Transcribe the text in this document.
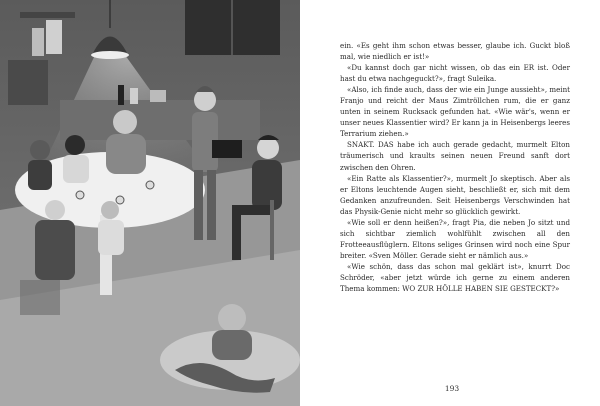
ein. «Es geht ihm schon etwas besser, glaube ich. Guckt bloß mal, wie niedlich er ist!»

«Du kannst doch gar nicht wissen, ob das ein ER ist. Oder hast du etwa nachgeguckt?», fragt Suleika.

«Also, ich finde auch, dass der wie ein Junge aussieht», meint Franjo und reicht der Maus Zimtröllchen rum, die er ganz unten in seinem Rucksack gefunden hat. «Wie wär's, wenn er unser neues Klassentier wird? Er kann ja in Heisenbergs leeres Terrarium ziehen.»

SNAKT. DAS habe ich auch gerade gedacht, murmelt Elton träumerisch und kraults seinen neuen Freund sanft dort zwischen den Ohren.

«Ein Ratte als Klassentier?», murmelt Jo skeptisch. Aber als er Eltons leuchtende Augen sieht, beschließt er, sich mit dem Gedanken anzufreunden. Seit Heisenbergs Verschwinden hat das Physik-Genie nicht mehr so glücklich gewirkt.

«Wie soll er denn heißen?», fragt Pia, die neben Jo sitzt und sich sichtbar ziemlich wohlfühlt zwischen all den Frotteeausflüglern. Eltons seliges Grinsen wird noch eine Spur breiter. «Sven Möller. Gerade sieht er nämlich aus.»

«Wie schön, dass das schon mal geklärt ist», knurrt Doc Schröder, «aber jetzt würde ich gerne zu einem anderen Thema kommen: WO ZUR HÖLLE HABEN SIE GESTECKT?»

193
